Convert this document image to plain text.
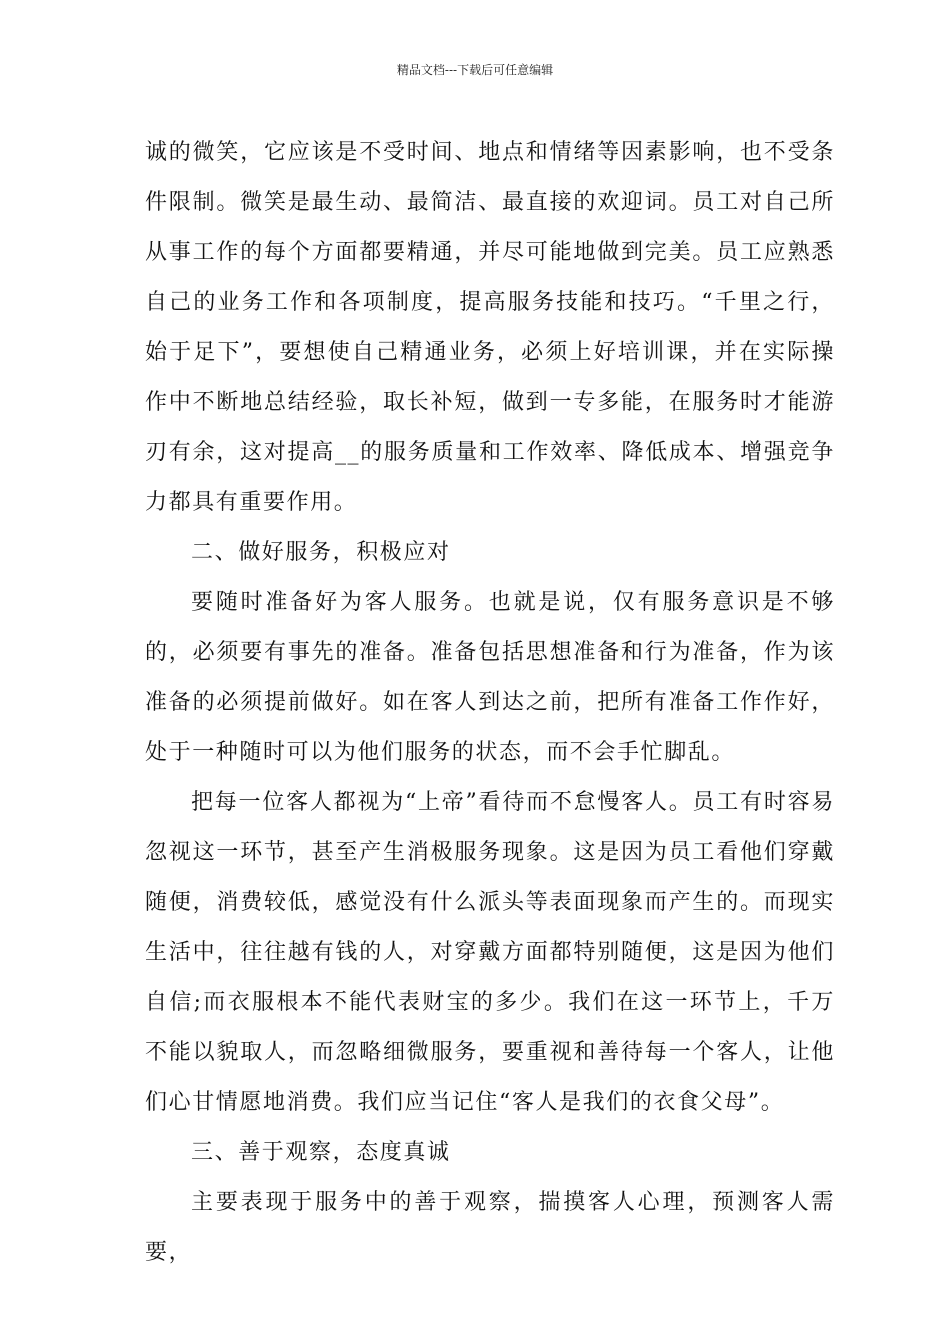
精品文档---下载后可任意编辑

诚的微笑，它应该是不受时间、地点和情绪等因素影响，也不受条件限制。微笑是最生动、最简洁、最直接的欢迎词。员工对自己所从事工作的每个方面都要精通，并尽可能地做到完美。员工应熟悉自己的业务工作和各项制度，提高服务技能和技巧。“千里之行，始于足下”，要想使自己精通业务，必须上好培训课，并在实际操作中不断地总结经验，取长补短，做到一专多能，在服务时才能游刃有余，这对提高__的服务质量和工作效率、降低成本、增强竞争力都具有重要作用。

二、做好服务，积极应对

要随时准备好为客人服务。也就是说，仅有服务意识是不够的，必须要有事先的准备。准备包括思想准备和行为准备，作为该准备的必须提前做好。如在客人到达之前，把所有准备工作作好，处于一种随时可以为他们服务的状态，而不会手忙脚乱。

把每一位客人都视为“上帝”看待而不怠慢客人。员工有时容易忽视这一环节，甚至产生消极服务现象。这是因为员工看他们穿戴随便，消费较低，感觉没有什么派头等表面现象而产生的。而现实生活中，往往越有钱的人，对穿戴方面都特别随便，这是因为他们自信;而衣服根本不能代表财宝的多少。我们在这一环节上，千万不能以貌取人，而忽略细微服务，要重视和善待每一个客人，让他们心甘情愿地消费。我们应当记住“客人是我们的衣食父母”。

三、善于观察，态度真诚

主要表现于服务中的善于观察，揣摸客人心理，预测客人需要，
